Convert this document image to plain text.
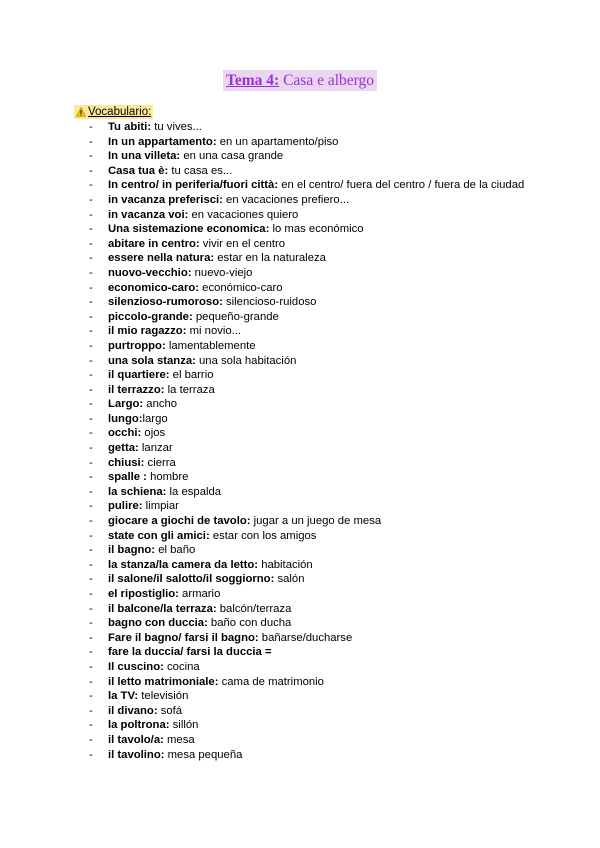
Tema 4: Casa e albergo
Vocabulario:
- Tu abiti: tu vives...
- In un appartamento: en un apartamento/piso
- In una villeta: en una casa grande
- Casa tua è: tu casa es...
- In centro/ in periferia/fuori città: en el centro/ fuera del centro / fuera de la ciudad
- in vacanza preferisci: en vacaciones prefiero...
- in vacanza voi: en vacaciones quiero
- Una sistemazione economica: lo mas económico
- abitare in centro: vivir en el centro
- essere nella natura: estar en la naturaleza
- nuovo-vecchio: nuevo-viejo
- economico-caro: económico-caro
- silenzioso-rumoroso: silencioso-ruidoso
- piccolo-grande: pequeño-grande
- il mio ragazzo: mi novio...
- purtroppo: lamentablemente
- una sola stanza: una sola habitación
- il quartiere: el barrio
- il terrazzo: la terraza
- Largo: ancho
- lungo:largo
- occhi: ojos
- getta: lanzar
- chiusi: cierra
- spalle : hombre
- la schiena: la espalda
- pulire: limpiar
- giocare a giochi de tavolo: jugar a un juego de mesa
- state con gli amici: estar con los amigos
- il bagno: el baño
- la stanza/la camera da letto: habitación
- il salone/il salotto/il soggiorno: salón
- el ripostiglio: armario
- il balcone/la terraza: balcón/terraza
- bagno con duccia: baño con ducha
- Fare il bagno/ farsi il bagno: bañarse/ducharse
- fare la duccia/ farsi la duccia =
- Il cuscino: cocina
- il letto matrimoniale: cama de matrimonio
- la TV: televisión
- il divano: sofá
- la poltrona: sillón
- il tavolo/a: mesa
- il tavolino: mesa pequeña
